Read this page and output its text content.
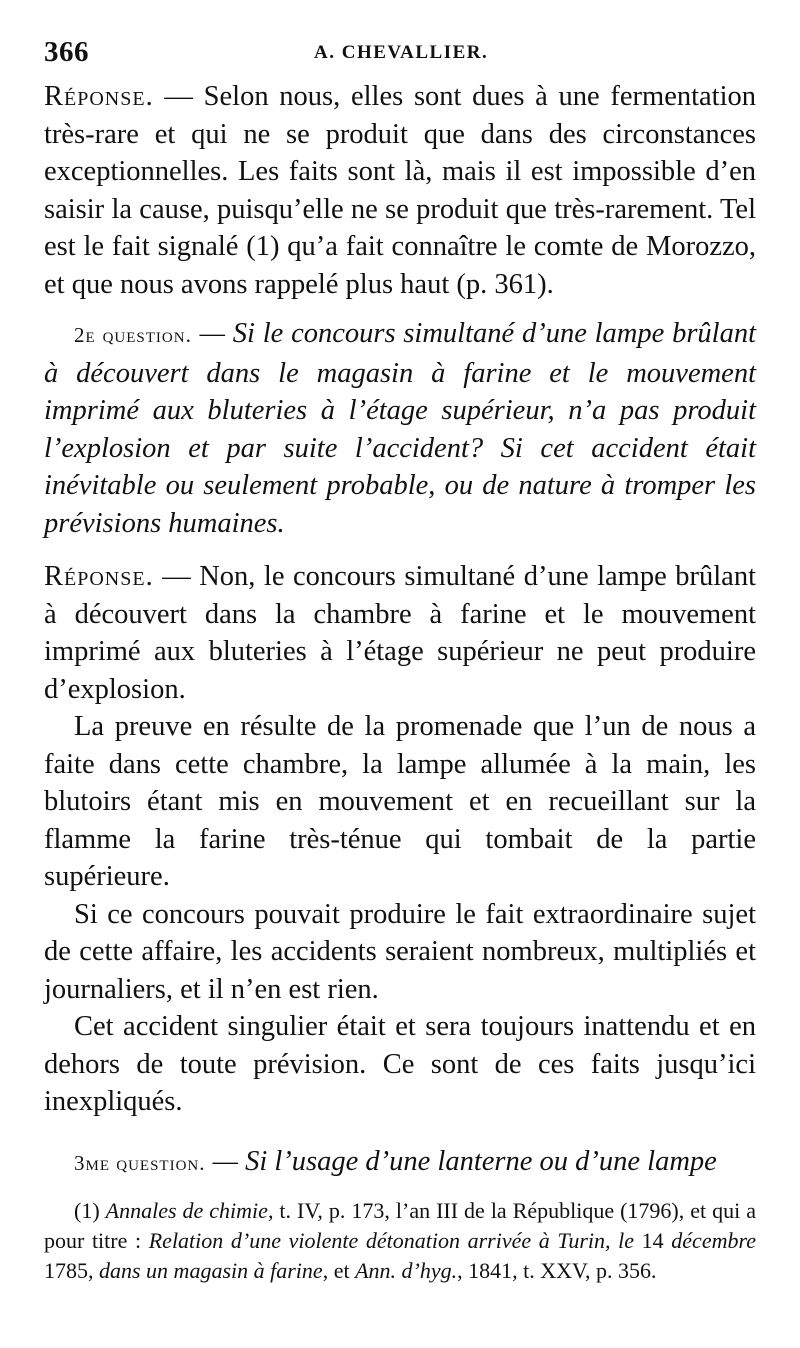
366	A. CHEVALLIER.

Réponse. — Selon nous, elles sont dues à une fermentation très-rare et qui ne se produit que dans des circonstances exceptionnelles. Les faits sont là, mais il est impossible d’en saisir la cause, puisqu’elle ne se produit que très-rarement. Tel est le fait signalé (1) qu’a fait connaître le comte de Morozzo, et que nous avons rappelé plus haut (p. 361).

2e question. — Si le concours simultané d’une lampe brûlant à découvert dans le magasin à farine et le mouvement imprimé aux bluteries à l’étage supérieur, n’a pas produit l’explosion et par suite l’accident? Si cet accident était inévitable ou seulement probable, ou de nature à tromper les prévisions humaines.

Réponse. — Non, le concours simultané d’une lampe brûlant à découvert dans la chambre à farine et le mouvement imprimé aux bluteries à l’étage supérieur ne peut produire d’explosion.

La preuve en résulte de la promenade que l’un de nous a faite dans cette chambre, la lampe allumée à la main, les blutoirs étant mis en mouvement et en recueillant sur la flamme la farine très-ténue qui tombait de la partie supérieure.

Si ce concours pouvait produire le fait extraordinaire sujet de cette affaire, les accidents seraient nombreux, multipliés et journaliers, et il n’en est rien.

Cet accident singulier était et sera toujours inattendu et en dehors de toute prévision. Ce sont de ces faits jusqu’ici inexpliqués.

3me question. — Si l’usage d’une lanterne ou d’une lampe

(1) Annales de chimie, t. IV, p. 173, l’an III de la République (1796), et qui a pour titre : Relation d’une violente détonation arrivée à Turin, le 14 décembre 1785, dans un magasin à farine, et Ann. d’hyg., 1841, t. XXV, p. 356.
